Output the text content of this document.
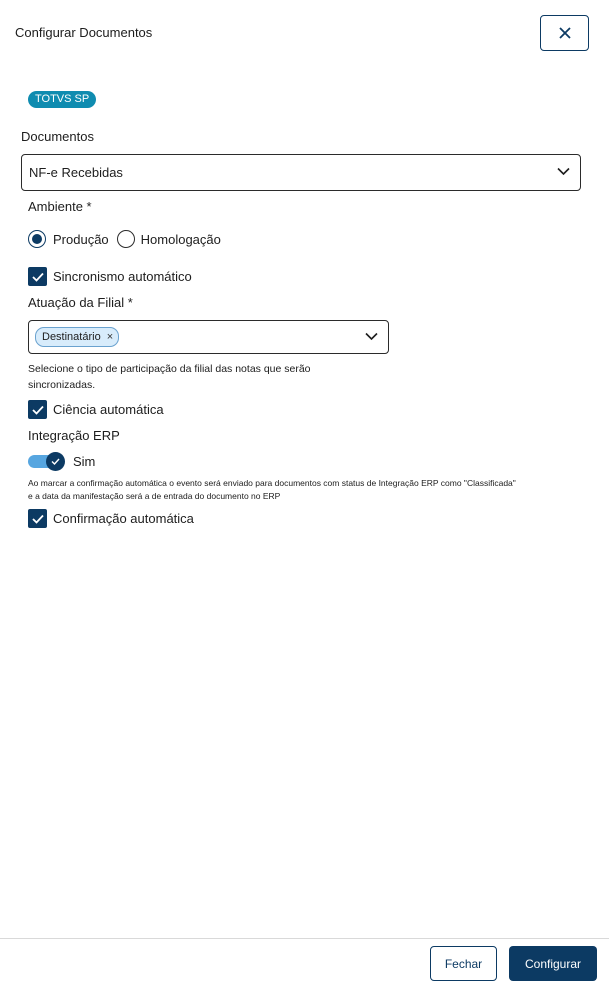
Configurar Documentos
TOTVS SP
Documentos
NF-e Recebidas
Ambiente *
Produção Homologação
Sincronismo automático
Atuação da Filial *
Destinatário ×
Selecione o tipo de participação da filial das notas que serão
sincronizadas.
Ciência automática
Integração ERP
Sim
Ao marcar a confirmação automática o evento será enviado para documentos com status de Integração ERP como "Classificada"
e a data da manifestação será a de entrada do documento no ERP
Confirmação automática
Fechar	Configurar
